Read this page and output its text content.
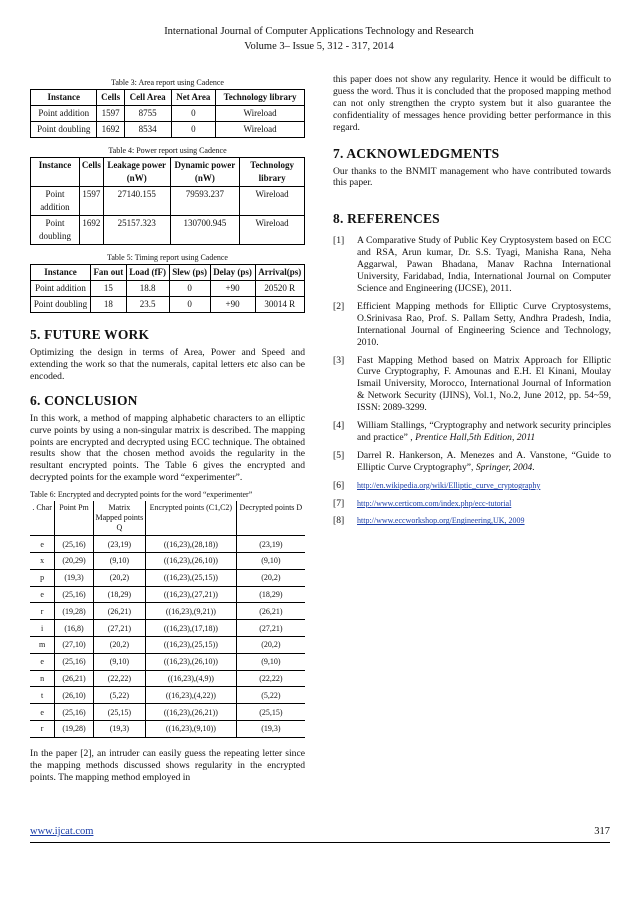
International Journal of Computer Applications Technology and Research
Volume 3– Issue 5, 312 - 317, 2014
Table 3: Area report using Cadence
Instance	Cells	Cell Area	Net Area	Technology library
Point addition	1597	8755	0	Wireload
Point doubling	1692	8534	0	Wireload
Table 4: Power report using Cadence
Instance	Cells	Leakage power (nW)	Dynamic power (nW)	Technology library
Point addition	1597	27140.155	79593.237	Wireload
Point doubling	1692	25157.323	130700.945	Wireload
Table 5: Timing report using Cadence
Instance	Fan out	Load (fF)	Slew (ps)	Delay (ps)	Arrival(ps)
Point addition	15	18.8	0	+90	20520 R
Point doubling	18	23.5	0	+90	30014 R
5. FUTURE WORK

Optimizing the design in terms of Area, Power and Speed and extending the work so that the numerals, capital letters etc also can be encoded.

6. CONCLUSION

In this work, a method of mapping alphabetic characters to an elliptic curve points by using a non-singular matrix is described. The mapping points are encrypted and decrypted using ECC technique. The obtained results show that the chosen method avoids the regularity in the resultant encrypted points. The Table 6 gives the encrypted and decrypted points for the example word “experimenter”.

Table 6: Encrypted and decrypted points for the word “experimenter”
. Char	Point Pm	Matrix Mapped points Q	Encrypted points (C1,C2)	Decrypted points D
e	(25,16)	(23,19)	((16,23),(28,18))	(23,19)
x	(20,29)	(9,10)	((16,23),(26,10))	(9,10)
p	(19,3)	(20,2)	((16,23),(25,15))	(20,2)
e	(25,16)	(18,29)	((16,23),(27,21))	(18,29)
r	(19,28)	(26,21)	((16,23),(9,21))	(26,21)
i	(16,8)	(27,21)	((16,23),(17,18))	(27,21)
m	(27,10)	(20,2)	((16,23),(25,15))	(20,2)
e	(25,16)	(9,10)	((16,23),(26,10))	(9,10)
n	(26,21)	(22,22)	((16,23),(4,9))	(22,22)
t	(26,10)	(5,22)	((16,23),(4,22))	(5,22)
e	(25,16)	(25,15)	((16,23),(26,21))	(25,15)
r	(19,28)	(19,3)	((16,23),(9,10))	(19,3)

In the paper [2], an intruder can easily guess the repeating letter since the mapping methods discussed shows regularity in the encrypted points. The mapping method employed in

this paper does not show any regularity. Hence it would be difficult to guess the word. Thus it is concluded that the proposed mapping method can not only strengthen the crypto system but it also guarantee the confidentiality of messages hence providing better performance in this regard.

7. ACKNOWLEDGMENTS

Our thanks to the BNMIT management who have contributed towards this paper.

8. REFERENCES
[1] A Comparative Study of Public Key Cryptosystem based on ECC and RSA, Arun kumar, Dr. S.S. Tyagi, Manisha Rana, Neha Aggarwal, Pawan Bhadana, Manav Rachna International University, Faridabad, India, International Journal on Computer Science and Engineering (IJCSE), 2011.
[2] Efficient Mapping methods for Elliptic Curve Cryptosystems, O.Srinivasa Rao, Prof. S. Pallam Setty, Andhra Pradesh, India, International Journal of Engineering Science and Technology, 2010.
[3] Fast Mapping Method based on Matrix Approach for Elliptic Curve Cryptography, F. Amounas and E.H. El Kinani, Moulay Ismail University, Morocco, International Journal of Information & Network Security (IJINS), Vol.1, No.2, June 2012, pp. 54~59, ISSN: 2089-3299.
[4] William Stallings, “Cryptography and network security principles and practice” , Prentice Hall,5th Edition, 2011
[5] Darrel R. Hankerson, A. Menezes and A. Vanstone, “Guide to Elliptic Curve Cryptography”, Springer, 2004.
[6] http://en.wikipedia.org/wiki/Elliptic_curve_cryptography
[7] http://www.certicom.com/index.php/ecc-tutorial
[8] http://www.eccworkshop.org/Engineering,UK, 2009
www.ijcat.com	317
